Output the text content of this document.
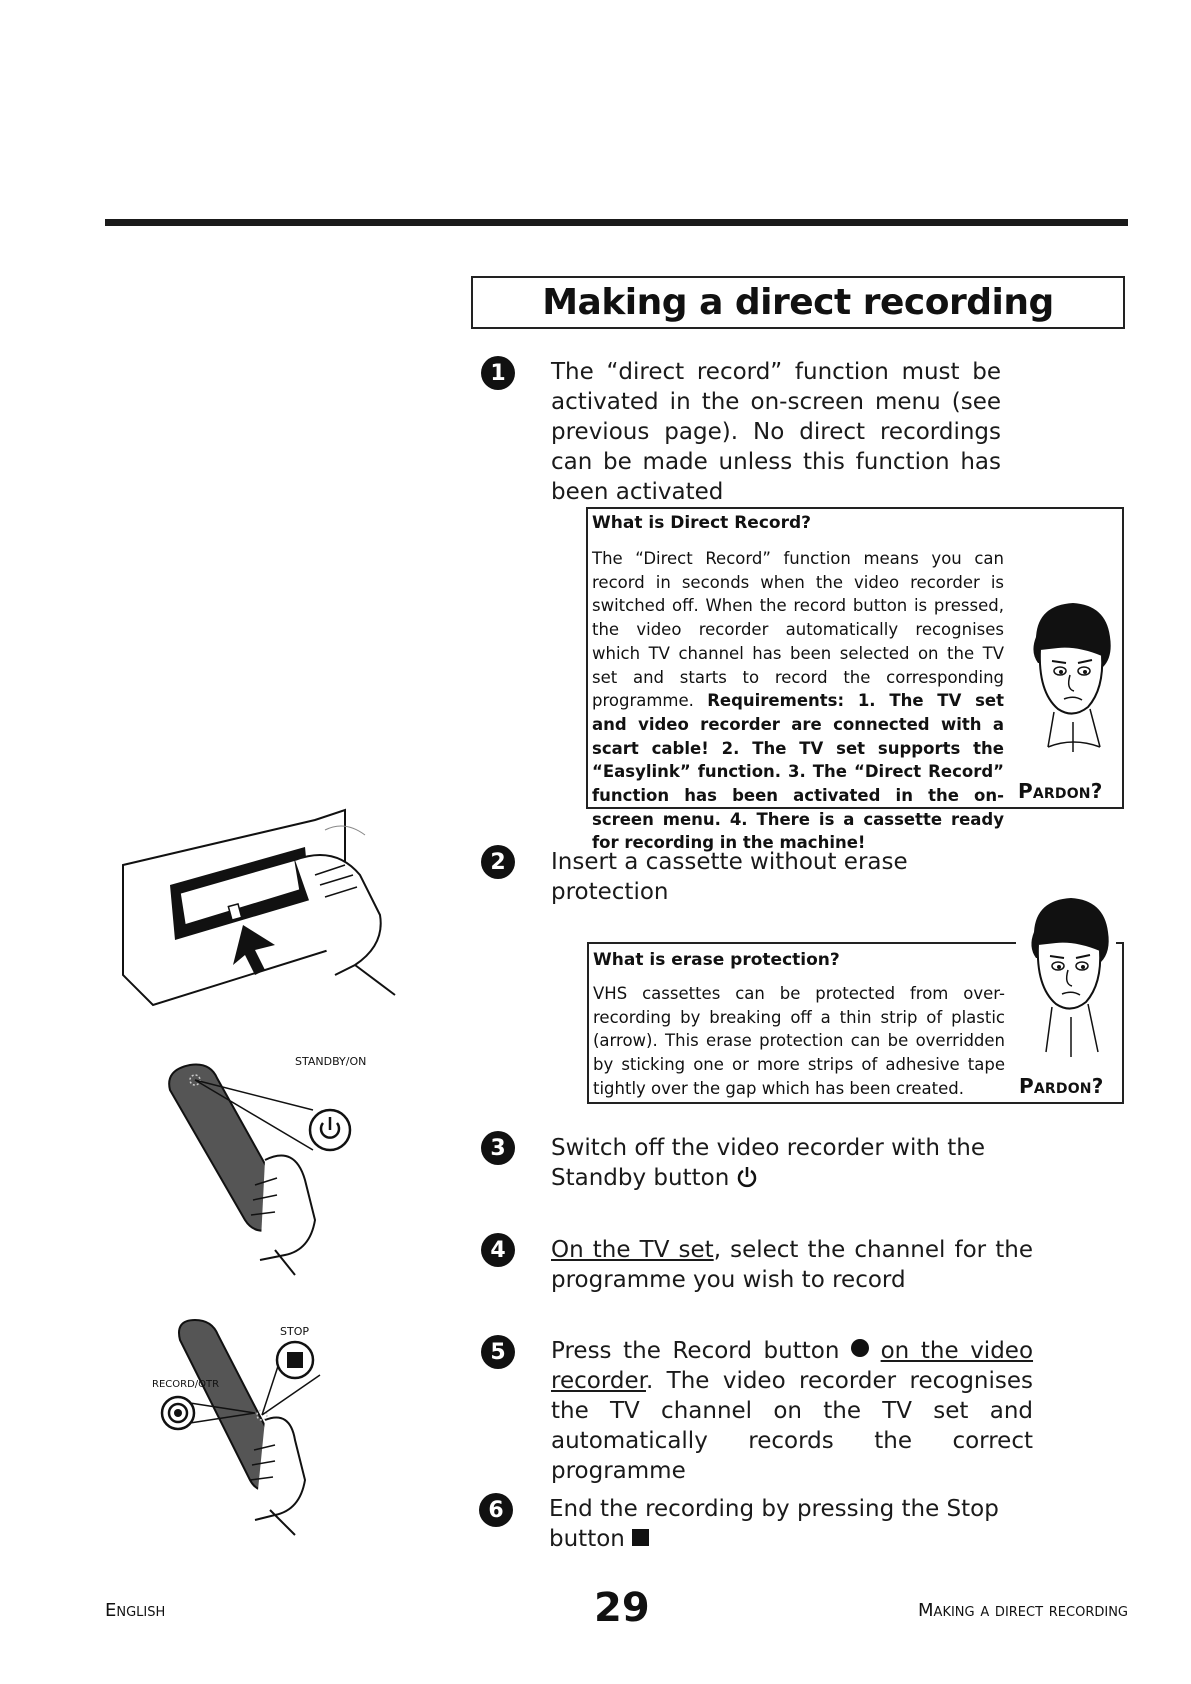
Making a direct recording
1	The “direct record” function must be activated in the on-screen menu (see previous page). No direct recordings can be made unless this function has been activated
What is Direct Record?
The “Direct Record” function means you can record in seconds when the video recorder is switched off. When the record button is pressed, the video recorder automatically recognises which TV channel has been selected on the TV set and starts to record the corresponding programme. Requirements: 1. The TV set and video recorder are connected with a scart cable! 2. The TV set supports the “Easylink” function. 3. The “Direct Record” function has been activated in the on-screen menu. 4. There is a cassette ready for recording in the machine!
Pardon?
2	Insert a cassette without erase protection
What is erase protection?
VHS cassettes can be protected from over-recording by breaking off a thin strip of plastic (arrow). This erase protection can be overridden by sticking one or more strips of adhesive tape tightly over the gap which has been created.	Pardon?
3	Switch off the video recorder with the Standby button
4	On the TV set, select the channel for the programme you wish to record
5	Press the Record button on the video recorder. The video recorder recognises the TV channel on the TV set and automatically records the correct programme
6	End the recording by pressing the Stop button
STANDBY/ON
STOP
RECORD/OTR
English	29	Making a direct recording
